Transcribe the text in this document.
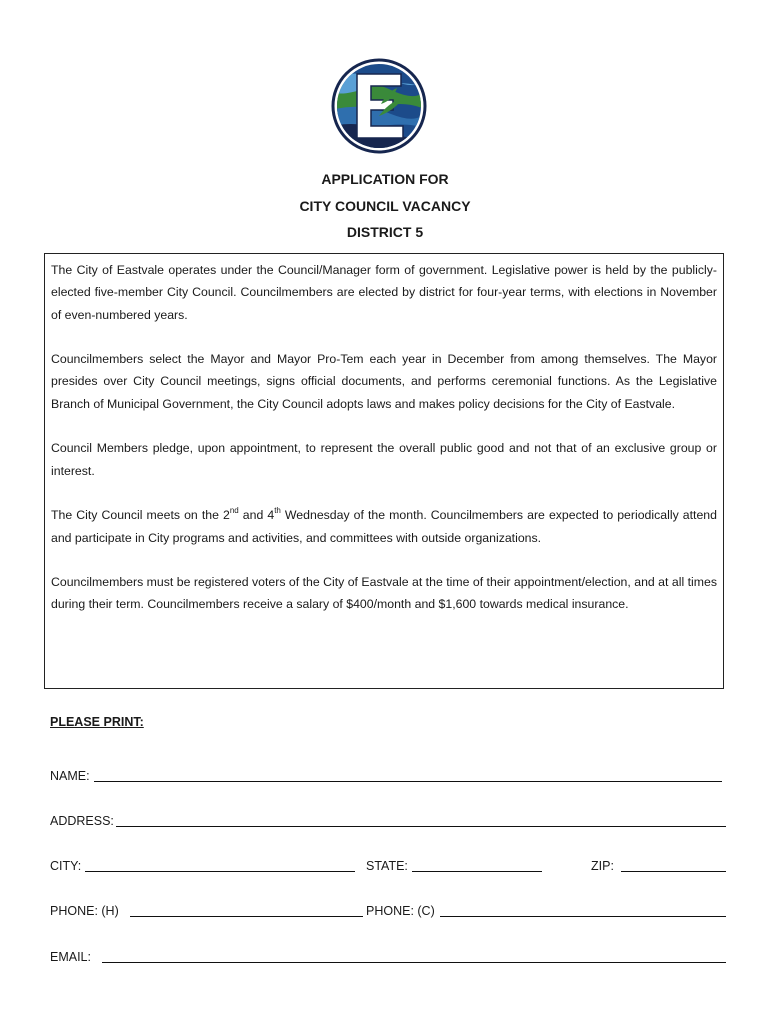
APPLICATION FOR
CITY COUNCIL VACANCY
DISTRICT 5

The City of Eastvale operates under the Council/Manager form of government. Legislative power is held by the publicly-elected five-member City Council. Councilmembers are elected by district for four-year terms, with elections in November of even-numbered years.

Councilmembers select the Mayor and Mayor Pro-Tem each year in December from among themselves. The Mayor presides over City Council meetings, signs official documents, and performs ceremonial functions. As the Legislative Branch of Municipal Government, the City Council adopts laws and makes policy decisions for the City of Eastvale.

Council Members pledge, upon appointment, to represent the overall public good and not that of an exclusive group or interest.

The City Council meets on the 2nd and 4th Wednesday of the month. Councilmembers are expected to periodically attend and participate in City programs and activities, and committees with outside organizations.

Councilmembers must be registered voters of the City of Eastvale at the time of their appointment/election, and at all times during their term. Councilmembers receive a salary of $400/month and $1,600 towards medical insurance.

PLEASE PRINT:
NAME:
ADDRESS:
CITY:	STATE:	ZIP:
PHONE: (H)	PHONE: (C)
EMAIL:
